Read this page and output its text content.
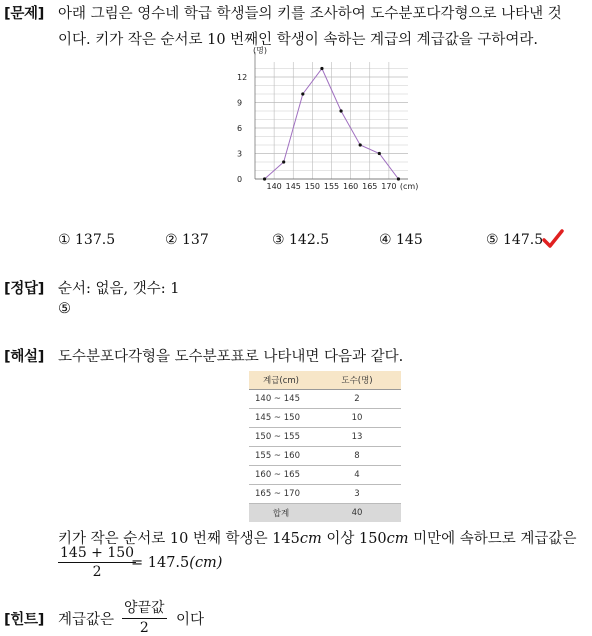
[문제] 아래 그림은 영수네 학급 학생들의 키를 조사하여 도수분포다각형으로 나타낸 것
이다. 키가 작은 순서로 10 번째인 학생이 속하는 계급의 계급값을 구하여라.
0
3
6
9
12
(명)
140 145 150 155 160 165 170 (cm)
① 137.5	② 137	③ 142.5	④ 145	⑤ 147.5
[정답] 순서: 없음, 갯수: 1
⑤
[해설] 도수분포다각형을 도수분포표로 나타내면 다음과 같다.
계급(cm)	도수(명)
140 ~ 145	2
145 ~ 150	10
150 ~ 155	13
155 ~ 160	8
160 ~ 165	4
165 ~ 170	3
합계	40
키가 작은 순서로 10 번째 학생은 145cm 이상 150cm 미만에 속하므로 계급값은
$\frac{145 + 150}{2}$
= 147.5(cm)
[힌트] 계급값은
양끝값
2	이다
